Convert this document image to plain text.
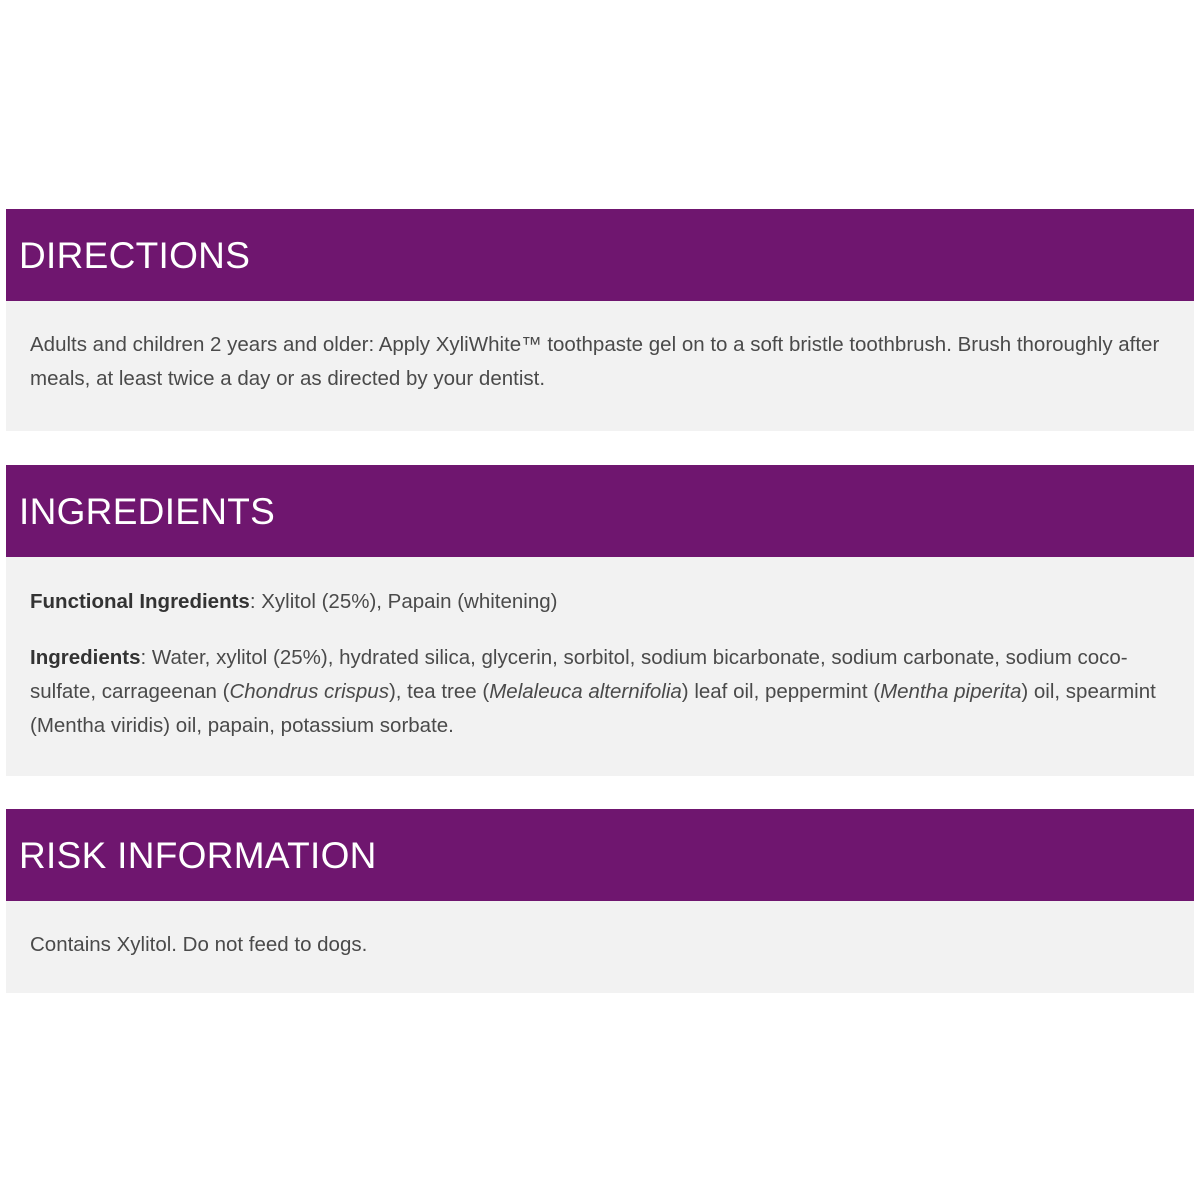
DIRECTIONS

Adults and children 2 years and older: Apply XyliWhite™ toothpaste gel on to a soft bristle toothbrush. Brush thoroughly after meals, at least twice a day or as directed by your dentist.

INGREDIENTS

Functional Ingredients: Xylitol (25%), Papain (whitening)

Ingredients: Water, xylitol (25%), hydrated silica, glycerin, sorbitol, sodium bicarbonate, sodium carbonate, sodium coco-sulfate, carrageenan (Chondrus crispus), tea tree (Melaleuca alternifolia) leaf oil, peppermint (Mentha piperita) oil, spearmint (Mentha viridis) oil, papain, potassium sorbate.

RISK INFORMATION

Contains Xylitol. Do not feed to dogs.
